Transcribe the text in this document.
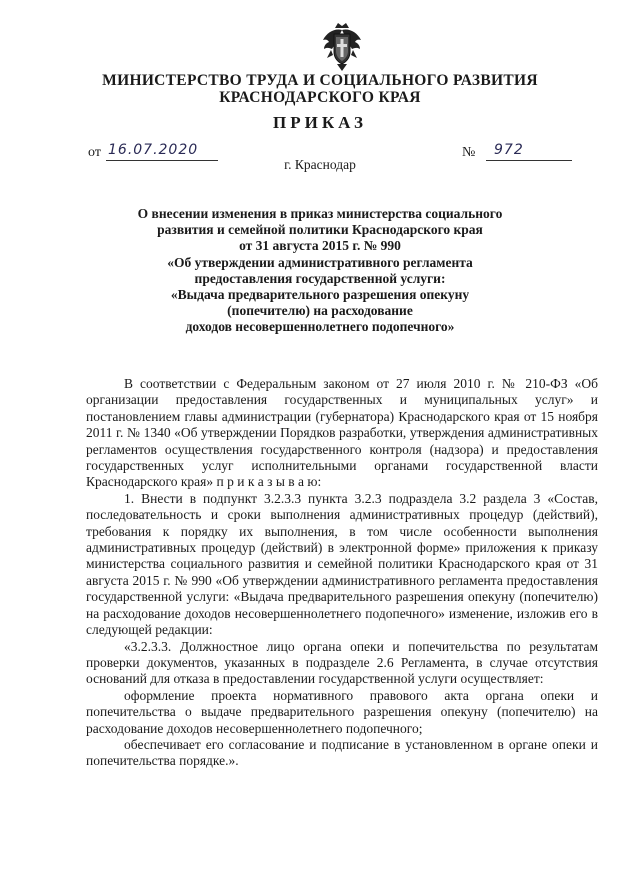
МИНИСТЕРСТВО ТРУДА И СОЦИАЛЬНОГО РАЗВИТИЯ
КРАСНОДАРСКОГО КРАЯ
ПРИКАЗ
от 16.07.2020	№ 972
г. Краснодар
О внесении изменения в приказ министерства социального
развития и семейной политики Краснодарского края
от 31 августа 2015 г. № 990
«Об утверждении административного регламента
предоставления государственной услуги:
«Выдача предварительного разрешения опекуну
(попечителю) на расходование
доходов несовершеннолетнего подопечного»

В соответствии с Федеральным законом от 27 июля 2010 г. № 210-ФЗ «Об организации предоставления государственных и муниципальных услуг» и постановлением главы администрации (губернатора) Краснодарского края от 15 ноября 2011 г. № 1340 «Об утверждении Порядков разработки, утверждения административных регламентов осуществления государственного контроля (надзора) и предоставления государственных услуг исполнительными органами государственной власти Краснодарского края» п р и к а з ы в а ю:

1. Внести в подпункт 3.2.3.3 пункта 3.2.3 подраздела 3.2 раздела 3 «Состав, последовательность и сроки выполнения административных процедур (действий), требования к порядку их выполнения, в том числе особенности выполнения административных процедур (действий) в электронной форме» приложения к приказу министерства социального развития и семейной политики Краснодарского края от 31 августа 2015 г. № 990 «Об утверждении административного регламента предоставления государственной услуги: «Выдача предварительного разрешения опекуну (попечителю) на расходование доходов несовершеннолетнего подопечного» изменение, изложив его в следующей редакции:

«3.2.3.3. Должностное лицо органа опеки и попечительства по результатам проверки документов, указанных в подразделе 2.6 Регламента, в случае отсутствия оснований для отказа в предоставлении государственной услуги осуществляет:

оформление проекта нормативного правового акта органа опеки и попечительства о выдаче предварительного разрешения опекуну (попечителю) на расходование доходов несовершеннолетнего подопечного;

обеспечивает его согласование и подписание в установленном в органе опеки и попечительства порядке.».
